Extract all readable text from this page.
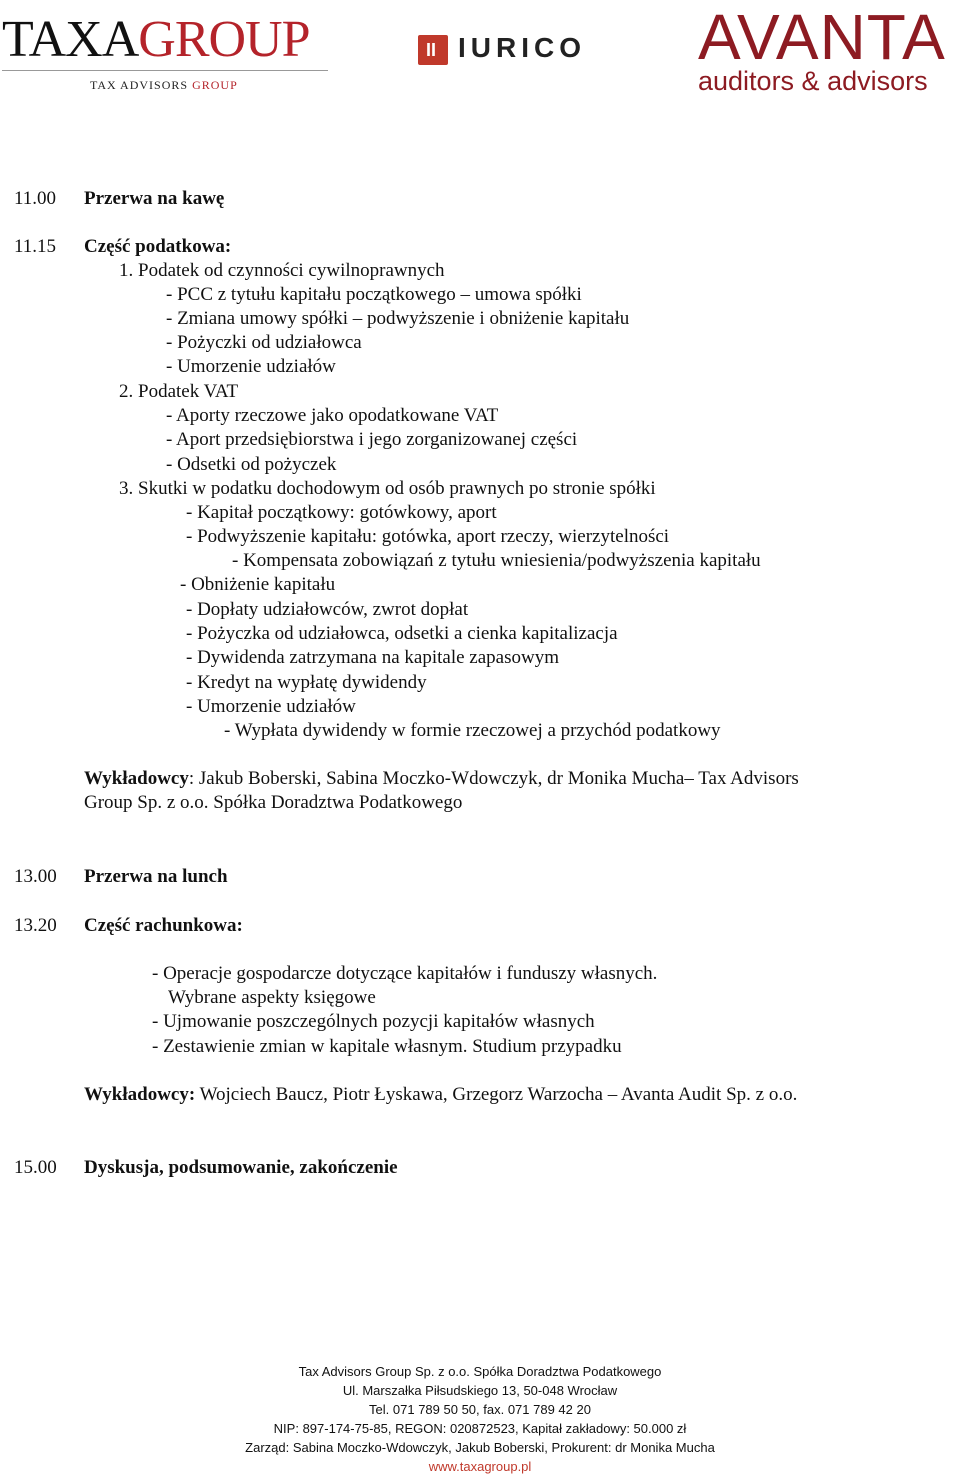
TAXAGROUP
TAX ADVISORS GROUP
II IURICO AVANTA
auditors & advisors
11.00 Przerwa na kawę
11.15 Część podatkowa:
1. Podatek od czynności cywilnoprawnych
- PCC z tytułu kapitału początkowego – umowa spółki
- Zmiana umowy spółki – podwyższenie i obniżenie kapitału
- Pożyczki od udziałowca
- Umorzenie udziałów
2. Podatek VAT
- Aporty rzeczowe jako opodatkowane VAT
- Aport przedsiębiorstwa i jego zorganizowanej części
- Odsetki od pożyczek
3. Skutki w podatku dochodowym od osób prawnych po stronie spółki
- Kapitał początkowy: gotówkowy, aport
- Podwyższenie kapitału: gotówka, aport rzeczy, wierzytelności
- Kompensata zobowiązań z tytułu wniesienia/podwyższenia kapitału
- Obniżenie kapitału
- Dopłaty udziałowców, zwrot dopłat
- Pożyczka od udziałowca, odsetki a cienka kapitalizacja
- Dywidenda zatrzymana na kapitale zapasowym
- Kredyt na wypłatę dywidendy
- Umorzenie udziałów
- Wypłata dywidendy w formie rzeczowej a przychód podatkowy
Wykładowcy: Jakub Boberski, Sabina Moczko-Wdowczyk, dr Monika Mucha– Tax Advisors
Group Sp. z o.o. Spółka Doradztwa Podatkowego
13.00 Przerwa na lunch
13.20 Część rachunkowa:
- Operacje gospodarcze dotyczące kapitałów i funduszy własnych.
Wybrane aspekty księgowe
- Ujmowanie poszczególnych pozycji kapitałów własnych
- Zestawienie zmian w kapitale własnym. Studium przypadku
Wykładowcy: Wojciech Baucz, Piotr Łyskawa, Grzegorz Warzocha – Avanta Audit Sp. z o.o.
15.00 Dyskusja, podsumowanie, zakończenie
Tax Advisors Group Sp. z o.o. Spółka Doradztwa Podatkowego
Ul. Marszałka Piłsudskiego 13, 50-048 Wrocław
Tel. 071 789 50 50, fax. 071 789 42 20
NIP: 897-174-75-85, REGON: 020872523, Kapitał zakładowy: 50.000 zł
Zarząd: Sabina Moczko-Wdowczyk, Jakub Boberski, Prokurent: dr Monika Mucha
www.taxagroup.pl
